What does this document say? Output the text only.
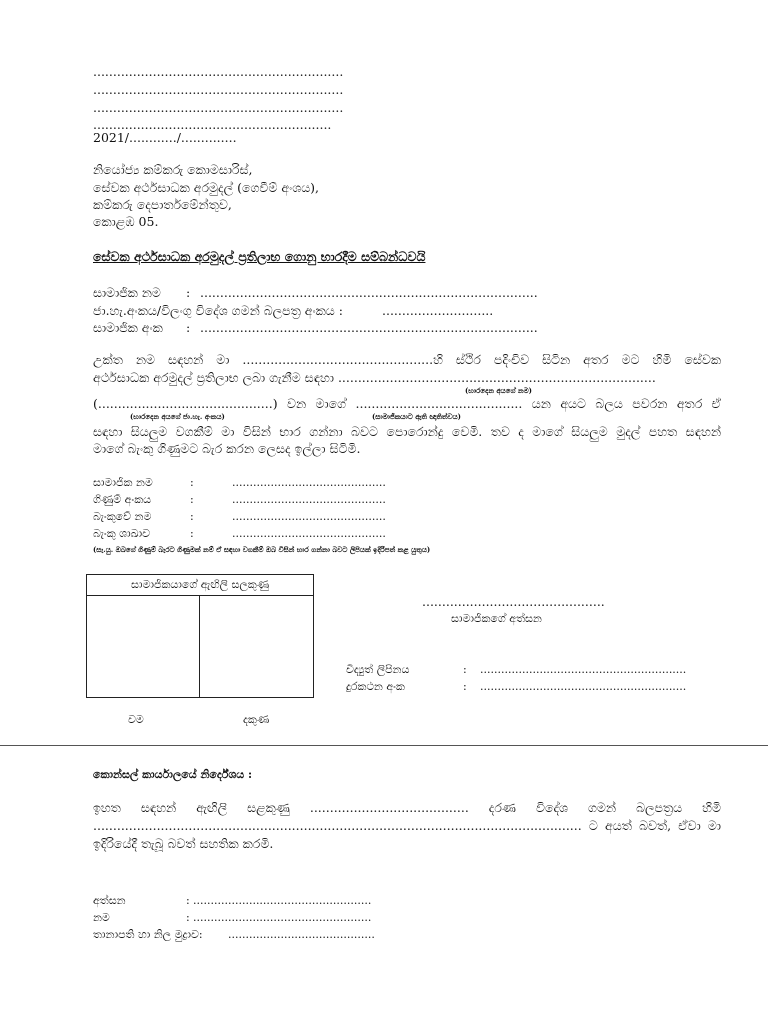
...............................................................
...............................................................
...............................................................
............................................................
2021/............/..............
නියෝජ්‍ය කම්කරු කොමසාරිස්,
සේවක අර්ථසාධක අරමුදල් (ගෙවීම් අංශය),
කම්කරු දෙපාර්තමේන්තුව,
කොළඹ 05.
සේවක අර්ථසාධක අරමුදල් ප්‍රතිලාභ ගොනු භාරදීම සම්බන්ධවයි
සාමාජික නම : .....................................................................................
ජා.හැ.අංකය/විලංගු විදේශ ගමන් බලපත්‍ර අංකය :	............................
සාමාජික අංක : .....................................................................................
උක්ත නම සඳහන් මා ................................................හි ස්ථිර පදිංචිව සිටින අතර මට හිමි සේවක
අර්ථසාධක අරමුදල් ප්‍රතිලාභ ලබා ගැනීම සඳහා ................................................................................
(භාරදෙන අයගේ නම)
(............................................) වන මාගේ .......................................... යන අයට බලය පවරන අතර ඒ
(භාරදෙන අයගේ ජා.හැ. අංකය)	(සාමාජිකයාට ඇති ඥාතිත්වය)
සඳහා සියලුම වගකීම් මා විසින් භාර ගන්නා බවට පොරොන්දු වෙමි. තව ද මාගේ සියලුම මුදල් පහත සඳහන්
මාගේ බැංකු ගිණුමට බැර කරන ලෙසද ඉල්ලා සිටිමි.
සාමාජික නම	:	............................................
ගිණුම් අංකය	:	............................................
බැංකුවේ නම	:	............................................
බැංකු ශාඛාව	:	............................................
(සැ.යු. ඔබගේ ගිණුම් බැරට ගිණුමක් නම් ඒ සඳහා වගකීම් ඔබ විසින් භාර ගන්නා බවට ලිපියක් ඉදිරිපත් කළ යුතුය)
සාමාජිකයාගේ ඇඟිලි සලකුණු
වම	දකුණ
..............................................
සාමාජිකගේ අත්සන
විද්‍යුත් ලිපිනය	: ...........................................................
දුරකථන අංක	: ...........................................................
කොන්සල් කාර්යාලයේ නිර්දේශය :
ඉහත සඳහන් ඇඟිලි සළකුණු ........................................ දරණ විදේශ ගමන් බලපත්‍රය හිමි
........................................................................................................................... ට අයත් බවත්, ඒවා මා
ඉදිරියේදී තැබූ බවත් සහතික කරමි.
අත්සන	: ...................................................
නම	: ...................................................
තානාපති හා නිල මුද්‍රාව: ..........................................
